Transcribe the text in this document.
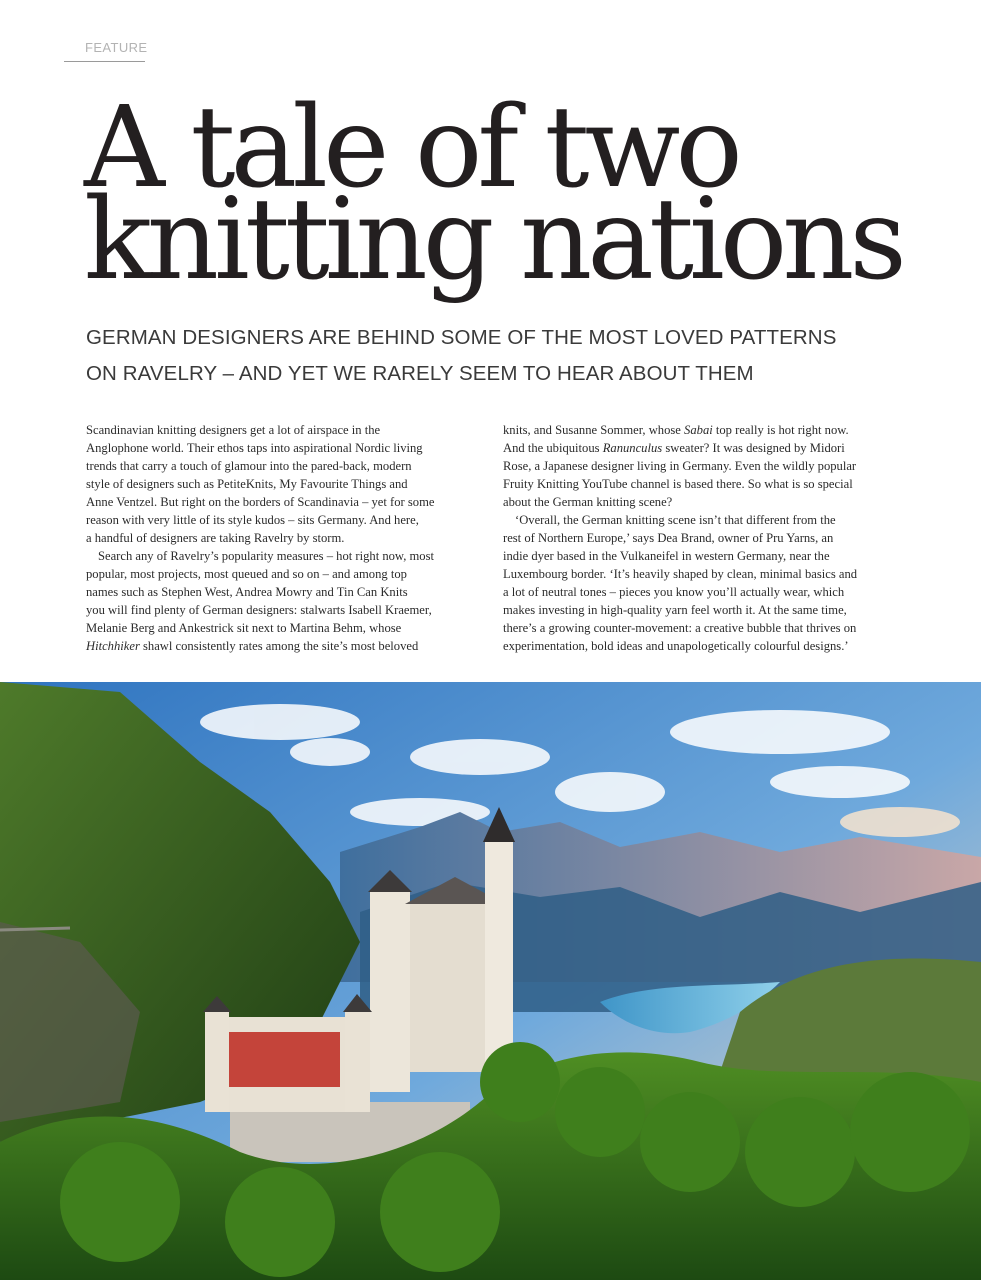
FEATURE
A tale of two
knitting nations
GERMAN DESIGNERS ARE BEHIND SOME OF THE MOST LOVED PATTERNS
ON RAVELRY – AND YET WE RARELY SEEM TO HEAR ABOUT THEM

Scandinavian knitting designers get a lot of airspace in the
Anglophone world. Their ethos taps into aspirational Nordic living
trends that carry a touch of glamour into the pared-back, modern
style of designers such as PetiteKnits, My Favourite Things and
Anne Ventzel. But right on the borders of Scandinavia – yet for some
reason with very little of its style kudos – sits Germany. And here,
a handful of designers are taking Ravelry by storm.

Search any of Ravelry’s popularity measures – hot right now, most
popular, most projects, most queued and so on – and among top
names such as Stephen West, Andrea Mowry and Tin Can Knits
you will find plenty of German designers: stalwarts Isabell Kraemer,
Melanie Berg and Ankestrick sit next to Martina Behm, whose
Hitchhiker shawl consistently rates among the site’s most beloved

knits, and Susanne Sommer, whose Sabai top really is hot right now.
And the ubiquitous Ranunculus sweater? It was designed by Midori
Rose, a Japanese designer living in Germany. Even the wildly popular
Fruity Knitting YouTube channel is based there. So what is so special
about the German knitting scene?

‘Overall, the German knitting scene isn’t that different from the
rest of Northern Europe,’ says Dea Brand, owner of Pru Yarns, an
indie dyer based in the Vulkaneifel in western Germany, near the
Luxembourg border. ‘It’s heavily shaped by clean, minimal basics and
a lot of neutral tones – pieces you know you’ll actually wear, which
makes investing in high-quality yarn feel worth it. At the same time,
there’s a growing counter-movement: a creative bubble that thrives on
experimentation, bold ideas and unapologetically colourful designs.’
